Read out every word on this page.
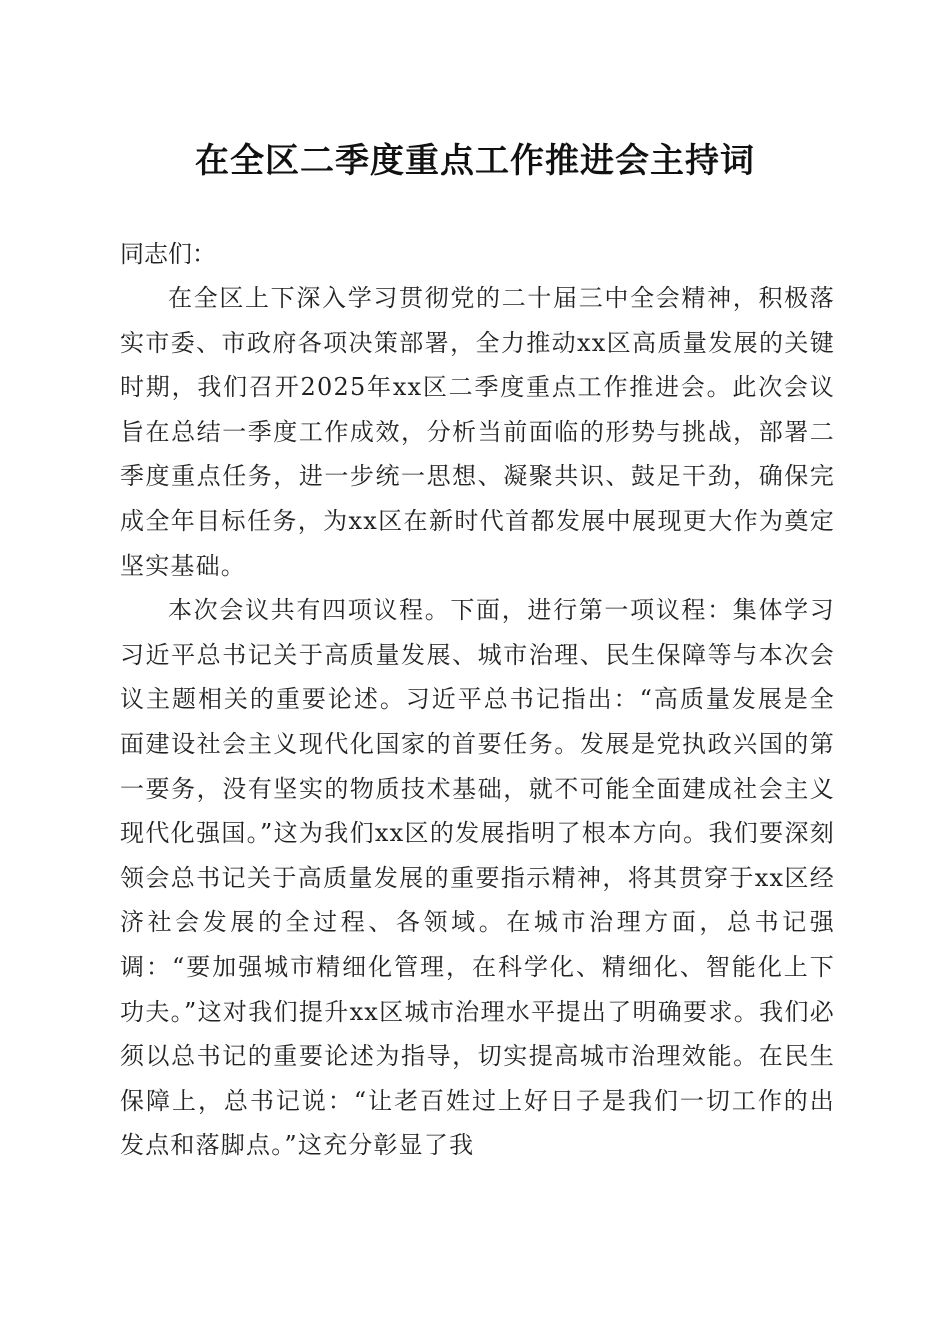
在全区二季度重点工作推进会主持词
同志们：

在全区上下深入学习贯彻党的二十届三中全会精神，积极落实市委、市政府各项决策部署，全力推动xx区高质量发展的关键时期，我们召开2025年xx区二季度重点工作推进会。此次会议旨在总结一季度工作成效，分析当前面临的形势与挑战，部署二季度重点任务，进一步统一思想、凝聚共识、鼓足干劲，确保完成全年目标任务，为xx区在新时代首都发展中展现更大作为奠定坚实基础。

本次会议共有四项议程。下面，进行第一项议程：集体学习习近平总书记关于高质量发展、城市治理、民生保障等与本次会议主题相关的重要论述。习近平总书记指出：“高质量发展是全面建设社会主义现代化国家的首要任务。发展是党执政兴国的第一要务，没有坚实的物质技术基础，就不可能全面建成社会主义现代化强国。”这为我们xx区的发展指明了根本方向。我们要深刻领会总书记关于高质量发展的重要指示精神，将其贯穿于xx区经济社会发展的全过程、各领域。在城市治理方面，总书记强调：“要加强城市精细化管理，在科学化、精细化、智能化上下功夫。”这对我们提升xx区城市治理水平提出了明确要求。我们必须以总书记的重要论述为指导，切实提高城市治理效能。在民生保障上，总书记说：“让老百姓过上好日子是我们一切工作的出发点和落脚点。”这充分彰显了我
